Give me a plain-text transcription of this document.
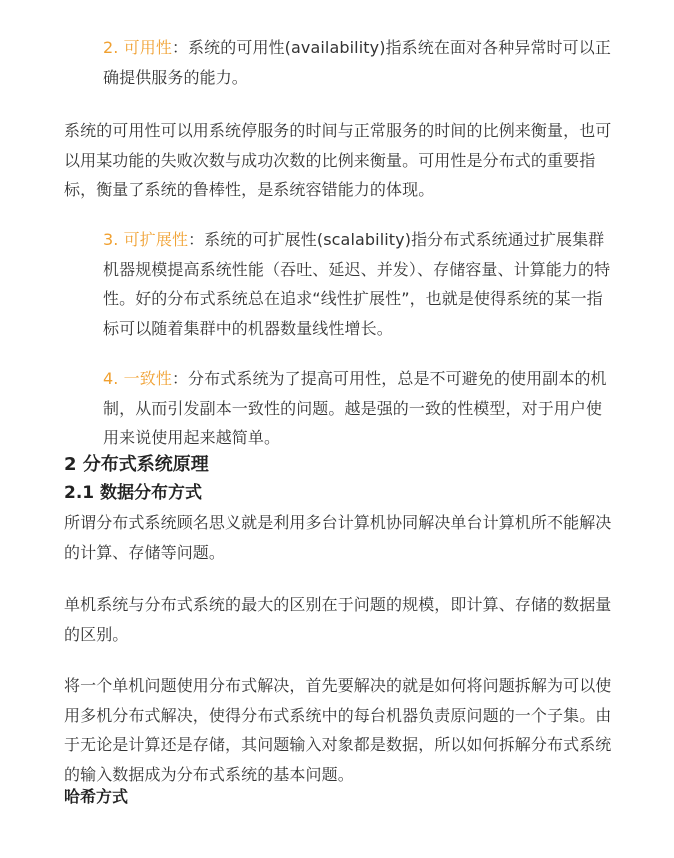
2. 可用性：系统的可用性(availability)指系统在面对各种异常时可以正确提供服务的能力。

系统的可用性可以用系统停服务的时间与正常服务的时间的比例来衡量，也可以用某功能的失败次数与成功次数的比例来衡量。可用性是分布式的重要指标，衡量了系统的鲁棒性，是系统容错能力的体现。

3. 可扩展性：系统的可扩展性(scalability)指分布式系统通过扩展集群机器规模提高系统性能（吞吐、延迟、并发）、存储容量、计算能力的特性。好的分布式系统总在追求“线性扩展性”，也就是使得系统的某一指标可以随着集群中的机器数量线性增长。

4. 一致性：分布式系统为了提高可用性，总是不可避免的使用副本的机制，从而引发副本一致性的问题。越是强的一致的性模型，对于用户使用来说使用起来越简单。

2 分布式系统原理
2.1 数据分布方式

所谓分布式系统顾名思义就是利用多台计算机协同解决单台计算机所不能解决的计算、存储等问题。

单机系统与分布式系统的最大的区别在于问题的规模，即计算、存储的数据量的区别。

将一个单机问题使用分布式解决，首先要解决的就是如何将问题拆解为可以使用多机分布式解决，使得分布式系统中的每台机器负责原问题的一个子集。由于无论是计算还是存储，其问题输入对象都是数据，所以如何拆解分布式系统的输入数据成为分布式系统的基本问题。

哈希方式
